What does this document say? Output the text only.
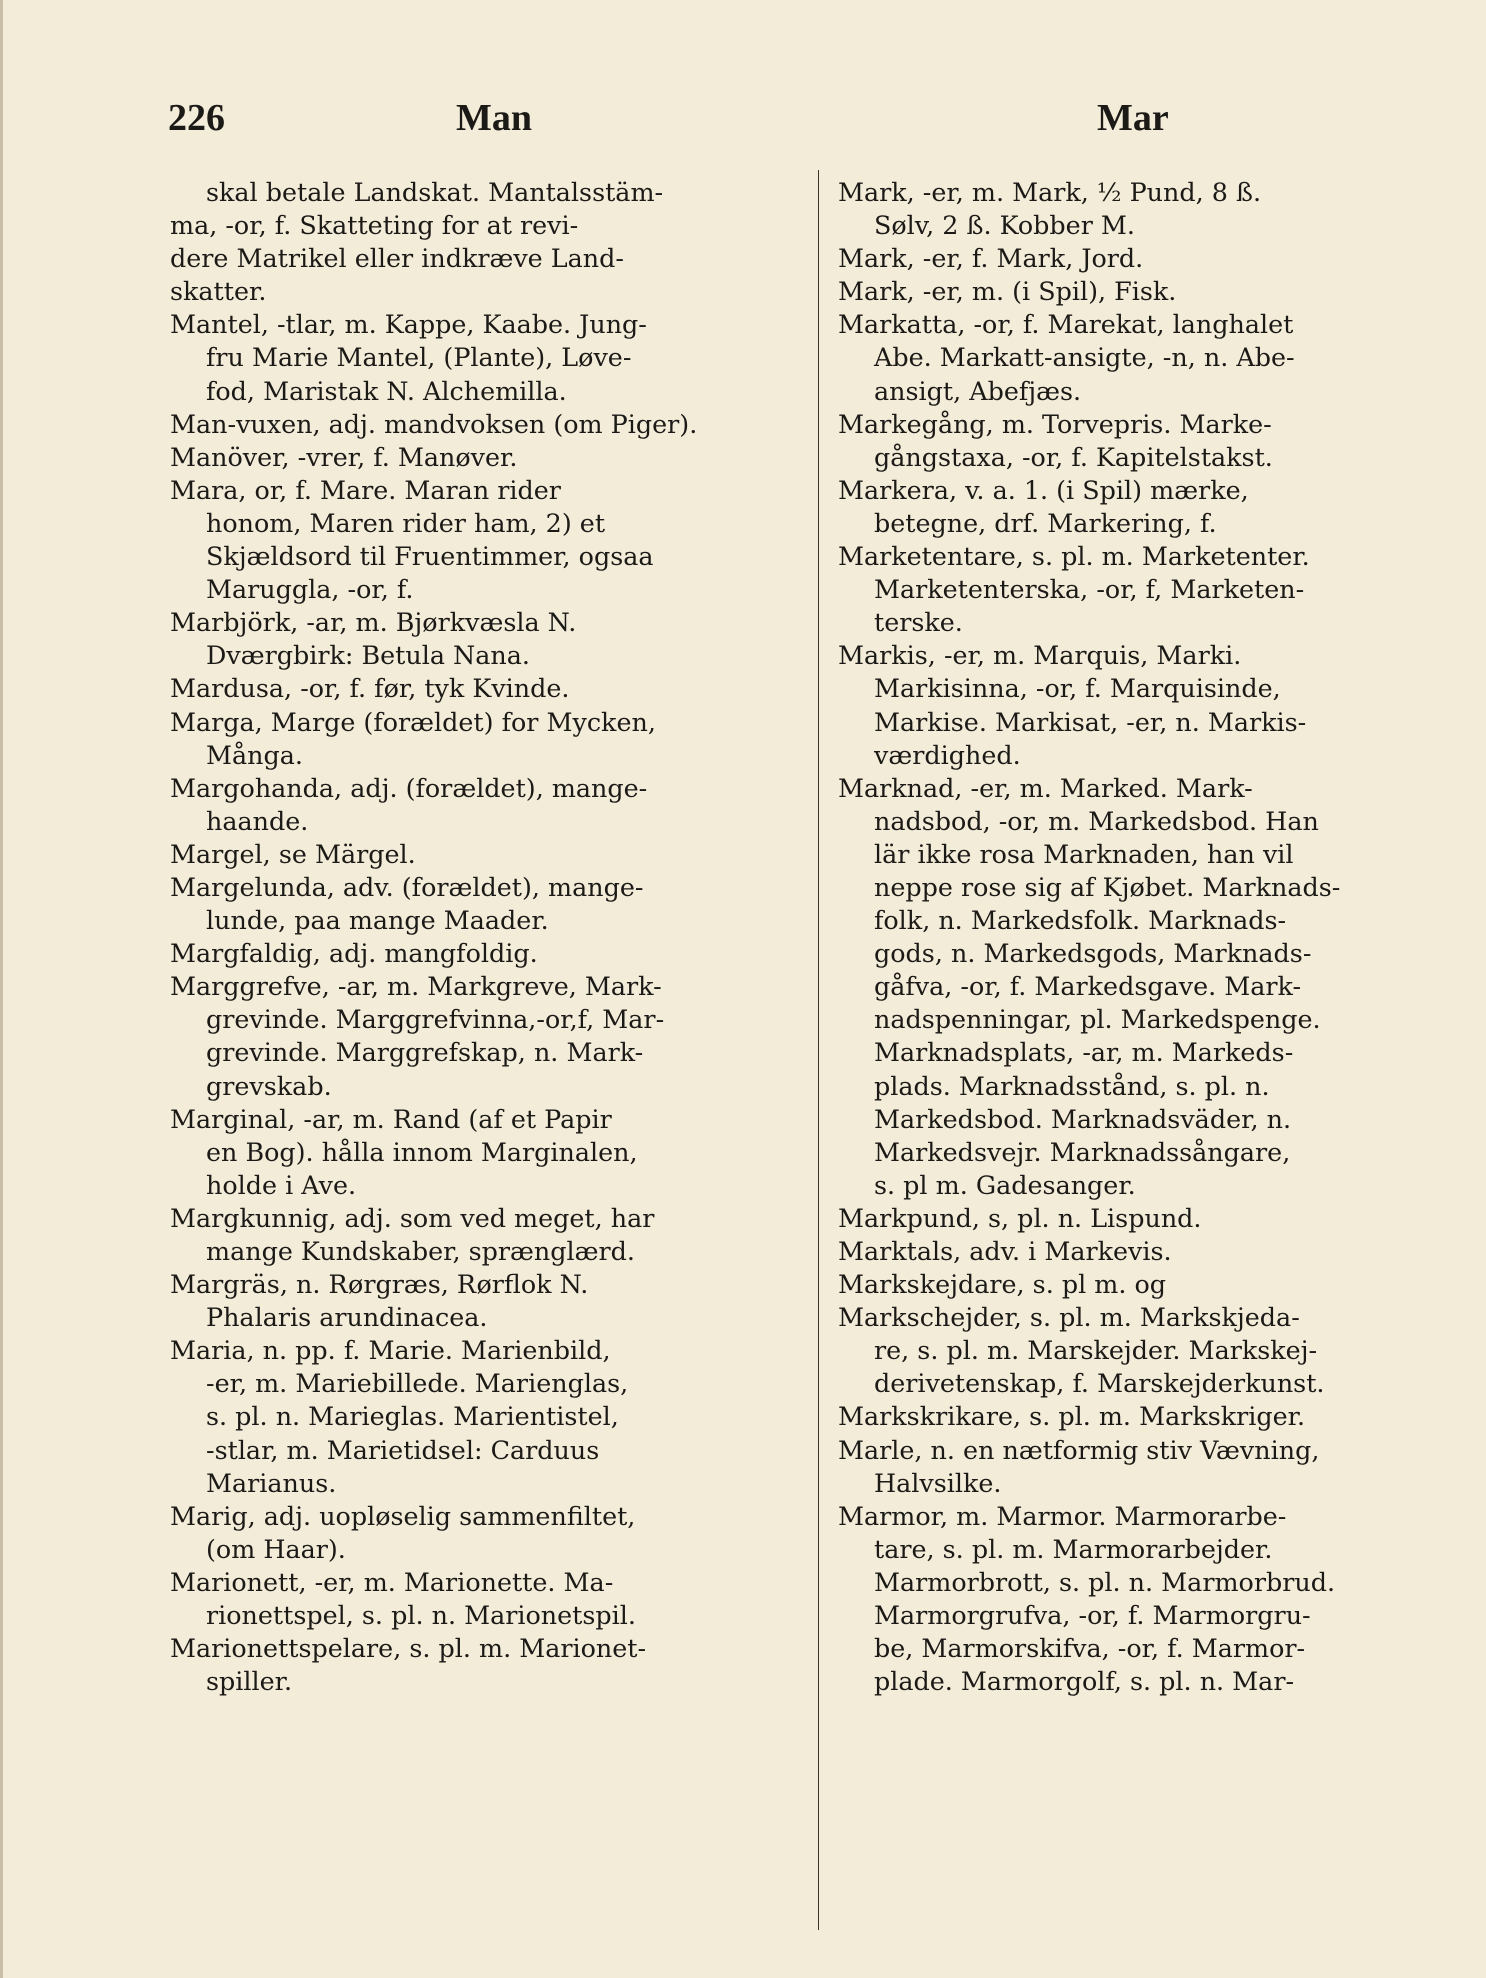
226	Man	Mar
skal betale Landskat. Mantalsstäm-
ma, -or, f. Skatteting for at revi-
dere Matrikel eller indkræve Land-
skatter.
Mantel, -tlar, m. Kappe, Kaabe. Jung-
fru Marie Mantel, (Plante), Løve-
fod, Maristak N. Alchemilla.
Man-vuxen, adj. mandvoksen (om Piger).
Manöver, -vrer, f. Manøver.
Mara, or, f. Mare. Maran rider
honom, Maren rider ham, 2) et
Skjældsord til Fruentimmer, ogsaa
Maruggla, -or, f.
Marbjörk, -ar, m. Bjørkvæsla N.
Dværgbirk: Betula Nana.
Mardusa, -or, f. før, tyk Kvinde.
Marga, Marge (forældet) for Mycken,
Många.
Margohanda, adj. (forældet), mange-
haande.
Margel, se Märgel.
Margelunda, adv. (forældet), mange-
lunde, paa mange Maader.
Margfaldig, adj. mangfoldig.
Marggrefve, -ar, m. Markgreve, Mark-
grevinde. Marggrefvinna,-or,f, Mar-
grevinde. Marggrefskap, n. Mark-
grevskab.
Marginal, -ar, m. Rand (af et Papir
en Bog). hålla innom Marginalen,
holde i Ave.
Margkunnig, adj. som ved meget, har
mange Kundskaber, sprænglærd.
Margräs, n. Rørgræs, Rørflok N.
Phalaris arundinacea.
Maria, n. pp. f. Marie. Marienbild,
-er, m. Mariebillede. Marienglas,
s. pl. n. Marieglas. Marientistel,
-stlar, m. Marietidsel: Carduus
Marianus.
Marig, adj. uopløselig sammenfiltet,
(om Haar).
Marionett, -er, m. Marionette. Ma-
rionettspel, s. pl. n. Marionetspil.
Marionettspelare, s. pl. m. Marionet-
spiller.
Mark, -er, m. Mark, ½ Pund, 8 ß.
Sølv, 2 ß. Kobber M.
Mark, -er, f. Mark, Jord.
Mark, -er, m. (i Spil), Fisk.
Markatta, -or, f. Marekat, langhalet
Abe. Markatt-ansigte, -n, n. Abe-
ansigt, Abefjæs.
Markegång, m. Torvepris. Marke-
gångstaxa, -or, f. Kapitelstakst.
Markera, v. a. 1. (i Spil) mærke,
betegne, drf. Markering, f.
Marketentare, s. pl. m. Marketenter.
Marketenterska, -or, f, Marketen-
terske.
Markis, -er, m. Marquis, Marki.
Markisinna, -or, f. Marquisinde,
Markise. Markisat, -er, n. Markis-
værdighed.
Marknad, -er, m. Marked. Mark-
nadsbod, -or, m. Markedsbod. Han
lär ikke rosa Marknaden, han vil
neppe rose sig af Kjøbet. Marknads-
folk, n. Markedsfolk. Marknads-
gods, n. Markedsgods, Marknads-
gåfva, -or, f. Markedsgave. Mark-
nadspenningar, pl. Markedspenge.
Marknadsplats, -ar, m. Markeds-
plads. Marknadsstånd, s. pl. n.
Markedsbod. Marknadsväder, n.
Markedsvejr. Marknadssångare,
s. pl m. Gadesanger.
Markpund, s, pl. n. Lispund.
Marktals, adv. i Markevis.
Markskejdare, s. pl m. og
Markschejder, s. pl. m. Markskjeda-
re, s. pl. m. Marskejder. Markskej-
derivetenskap, f. Marskejderkunst.
Markskrikare, s. pl. m. Markskriger.
Marle, n. en nætformig stiv Vævning,
Halvsilke.
Marmor, m. Marmor. Marmorarbe-
tare, s. pl. m. Marmorarbejder.
Marmorbrott, s. pl. n. Marmorbrud.
Marmorgrufva, -or, f. Marmorgru-
be, Marmorskifva, -or, f. Marmor-
plade. Marmorgolf, s. pl. n. Mar-
